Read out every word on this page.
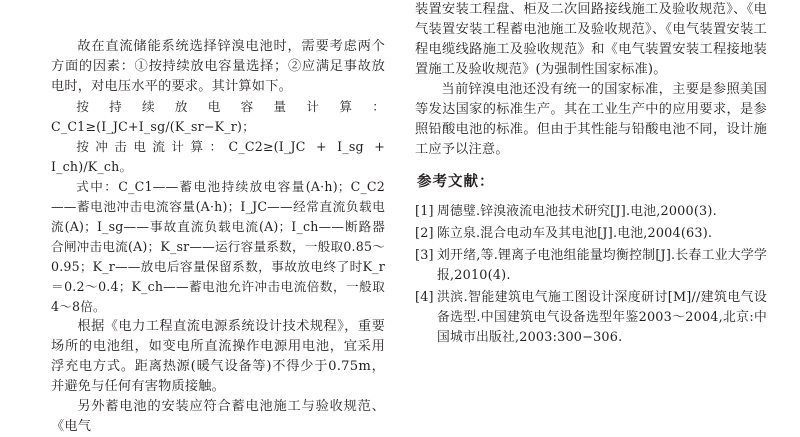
故在直流储能系统选择锌溴电池时，需要考虑两个方面的因素：①按持续放电容量选择；②应满足事故放电时，对电压水平的要求。其计算如下。

按持续放电容量计算：C_C1≥(I_JC+I_sg/(K_sr−K_r)；

按冲击电流计算：C_C2≥(I_JC + I_sg + I_ch)/K_ch。

式中：C_C1——蓄电池持续放电容量(A·h)；C_C2——蓄电池冲击电流容量(A·h)；I_JC——经常直流负载电流(A)；I_sg——事故直流负载电流(A)；I_ch——断路器合闸冲击电流(A)；K_sr——运行容量系数，一般取0.85～0.95；K_r——放电后容量保留系数，事故放电终了时K_r＝0.2～0.4；K_ch——蓄电池允许冲击电流倍数，一般取4～8倍。

根据《电力工程直流电源系统设计技术规程》，重要场所的电池组，如变电所直流操作电源用电池，宜采用浮充电方式。距离热源(暖气设备等)不得少于0.75m，并避免与任何有害物质接触。

另外蓄电池的安装应符合蓄电池施工与验收规范、《电气

装置安装工程盘、柜及二次回路接线施工及验收规范》、《电气装置安装工程蓄电池施工及验收规范》、《电气装置安装工程电缆线路施工及验收规范》和《电气装置安装工程接地装置施工及验收规范》(为强制性国家标准)。

当前锌溴电池还没有统一的国家标准，主要是参照美国等发达国家的标准生产。其在工业生产中的应用要求，是参照铅酸电池的标准。但由于其性能与铅酸电池不同，设计施工应予以注意。

参考文献：
[1] 周德璧.锌溴液流电池技术研究[J].电池,2000(3).
[2] 陈立泉.混合电动车及其电池[J].电池,2004(63).
[3] 刘开绪,等.锂离子电池组能量均衡控制[J].长春工业大学学报,2010(4).
[4] 洪滨.智能建筑电气施工图设计深度研讨[M]//建筑电气设备选型.中国建筑电气设备选型年鉴2003～2004,北京:中国城市出版社,2003:300−306.
